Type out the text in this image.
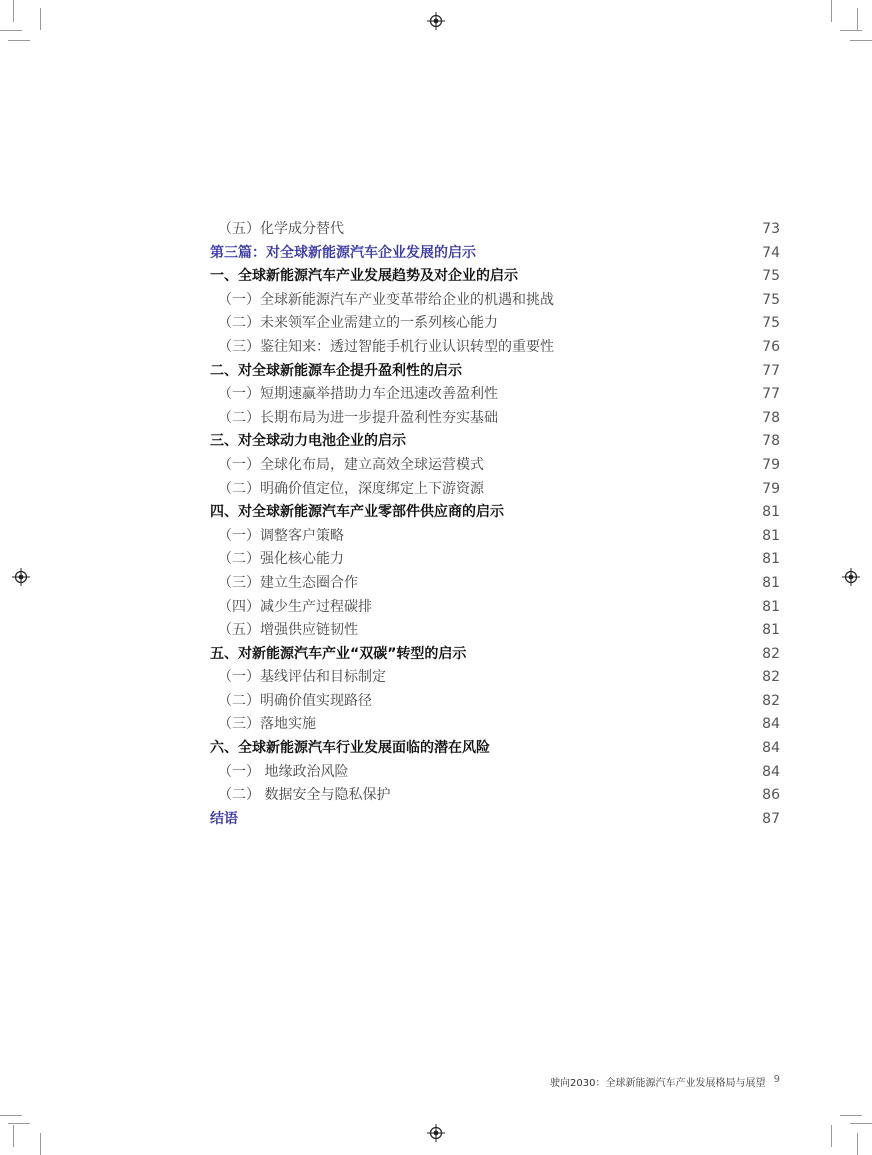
（五）化学成分替代	73
第三篇：对全球新能源汽车企业发展的启示	74
一、全球新能源汽车产业发展趋势及对企业的启示	75
（一）全球新能源汽车产业变革带给企业的机遇和挑战	75
（二）未来领军企业需建立的一系列核心能力	75
（三）鉴往知来：透过智能手机行业认识转型的重要性	76
二、对全球新能源车企提升盈利性的启示	77
（一）短期速赢举措助力车企迅速改善盈利性	77
（二）长期布局为进一步提升盈利性夯实基础	78
三、对全球动力电池企业的启示	78
（一）全球化布局，建立高效全球运营模式	79
（二）明确价值定位，深度绑定上下游资源	79
四、对全球新能源汽车产业零部件供应商的启示	81
（一）调整客户策略	81
（二）强化核心能力	81
（三）建立生态圈合作	81
（四）减少生产过程碳排	81
（五）增强供应链韧性	81
五、对新能源汽车产业“双碳”转型的启示	82
（一）基线评估和目标制定	82
（二）明确价值实现路径	82
（三）落地实施	84
六、全球新能源汽车行业发展面临的潜在风险	84
（一） 地缘政治风险	84
（二） 数据安全与隐私保护	86
结语	87
驶向2030：全球新能源汽车产业发展格局与展望 9
